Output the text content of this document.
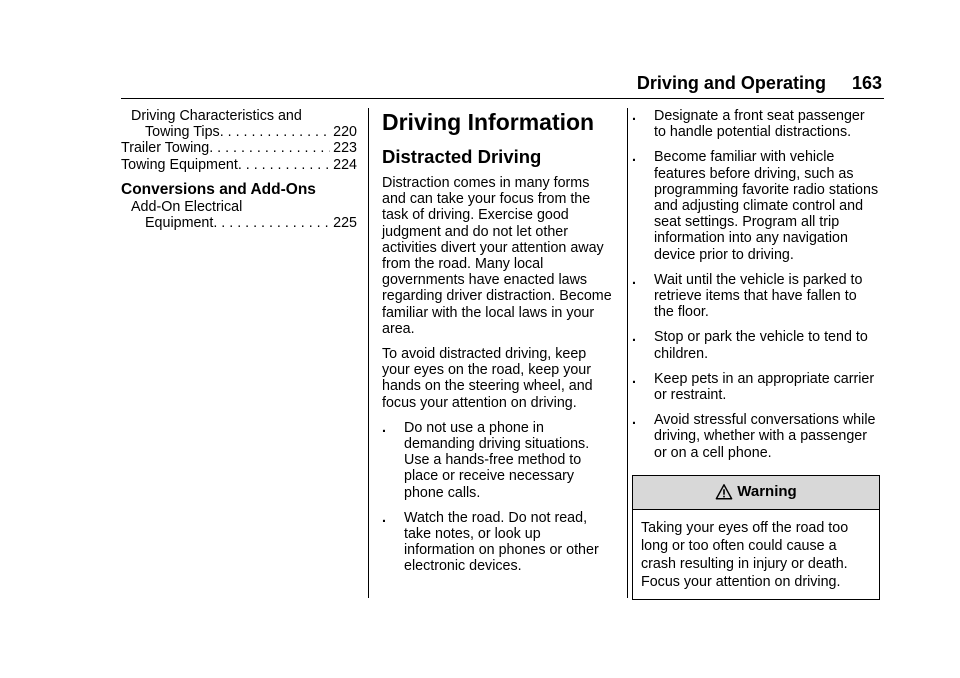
Driving and Operating 163
Driving Characteristics and
Towing Tips . . .	220
Trailer Towing . . .	223
Towing Equipment . . .	224
Conversions and Add-Ons
Add-On Electrical
Equipment . . .	225
Driving Information
Distracted Driving

Distraction comes in many forms and can take your focus from the task of driving. Exercise good judgment and do not let other activities divert your attention away from the road. Many local governments have enacted laws regarding driver distraction. Become familiar with the local laws in your area.

To avoid distracted driving, keep your eyes on the road, keep your hands on the steering wheel, and focus your attention on driving.

.	Do not use a phone in demanding driving situations. Use a hands-free method to place or receive necessary phone calls.
.	Watch the road. Do not read, take notes, or look up information on phones or other electronic devices.
.	Designate a front seat passenger to handle potential distractions.
.	Become familiar with vehicle features before driving, such as programming favorite radio stations and adjusting climate control and seat settings. Program all trip information into any navigation device prior to driving.
.	Wait until the vehicle is parked to retrieve items that have fallen to the floor.
.	Stop or park the vehicle to tend to children.
.	Keep pets in an appropriate carrier or restraint.
.	Avoid stressful conversations while driving, whether with a passenger or on a cell phone.
Warning
Taking your eyes off the road too long or too often could cause a crash resulting in injury or death. Focus your attention on driving.
